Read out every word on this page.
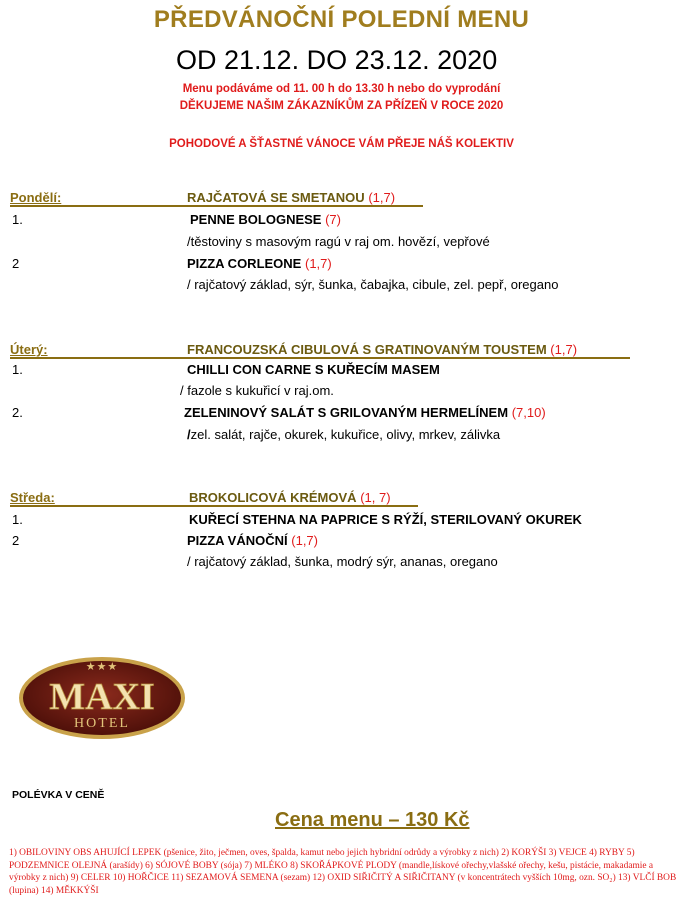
PŘEDVÁNOČNÍ POLEDNÍ MENU
OD 21.12. DO 23.12. 2020
Menu podáváme od 11. 00 h do 13.30 h nebo do vyprodání
DĚKUJEME NAŠIM ZÁKAZNÍKŮM ZA PŘÍZEŇ V ROCE 2020
POHODOVÉ A ŠŤASTNÉ VÁNOCE VÁM PŘEJE NÁŠ KOLEKTIV
Pondělí:	RAJČATOVÁ SE SMETANOU (1,7)
1.	PENNE BOLOGNESE (7)
/těstoviny s masovým ragú v raj om. hovězí, vepřové
2	PIZZA CORLEONE (1,7)
/ rajčatový základ, sýr, šunka, čabajka, cibule, zel. pepř, oregano
Úterý:	FRANCOUZSKÁ CIBULOVÁ S GRATINOVANÝM TOUSTEM (1,7)
1.	CHILLI CON CARNE S KUŘECÍM MASEM
/ fazole s kukuřicí v raj.om.
2.	ZELENINOVÝ SALÁT S GRILOVANÝM HERMELÍNEM (7,10)
/zel. salát, rajče, okurek, kukuřice, olivy, mrkev, zálivka
Středa:	BROKOLICOVÁ KRÉMOVÁ (1, 7)
1.	KUŘECÍ STEHNA NA PAPRICE S RÝŽÍ, STERILOVANÝ OKUREK
2	PIZZA VÁNOČNÍ (1,7)
/ rajčatový základ, šunka, modrý sýr, ananas, oregano
★★★
MAXI
HOTEL
POLÉVKA V CENĚ
Cena menu – 130 Kč
1) OBILOVINY OBS AHUJÍCÍ LEPEK (pšenice, žito, ječmen, oves, špalda, kamut nebo jejich hybridní odrůdy a výrobky z nich) 2) KORÝŠI 3) VEJCE 4) RYBY 5) PODZEMNICE OLEJNÁ (arašídy) 6) SÓJOVÉ BOBY (sója) 7) MLÉKO 8) SKOŘÁPKOVÉ PLODY (mandle,lískové ořechy,vlašské ořechy, kešu, pistácie, makadamie a výrobky z nich) 9) CELER 10) HOŘČICE 11) SEZAMOVÁ SEMENA (sezam) 12) OXID SIŘIČITÝ A SIŘIČITANY (v koncentrátech vyšších 10mg, ozn. SO₂) 13) VLČÍ BOB (lupina) 14) MĚKKÝŠI
